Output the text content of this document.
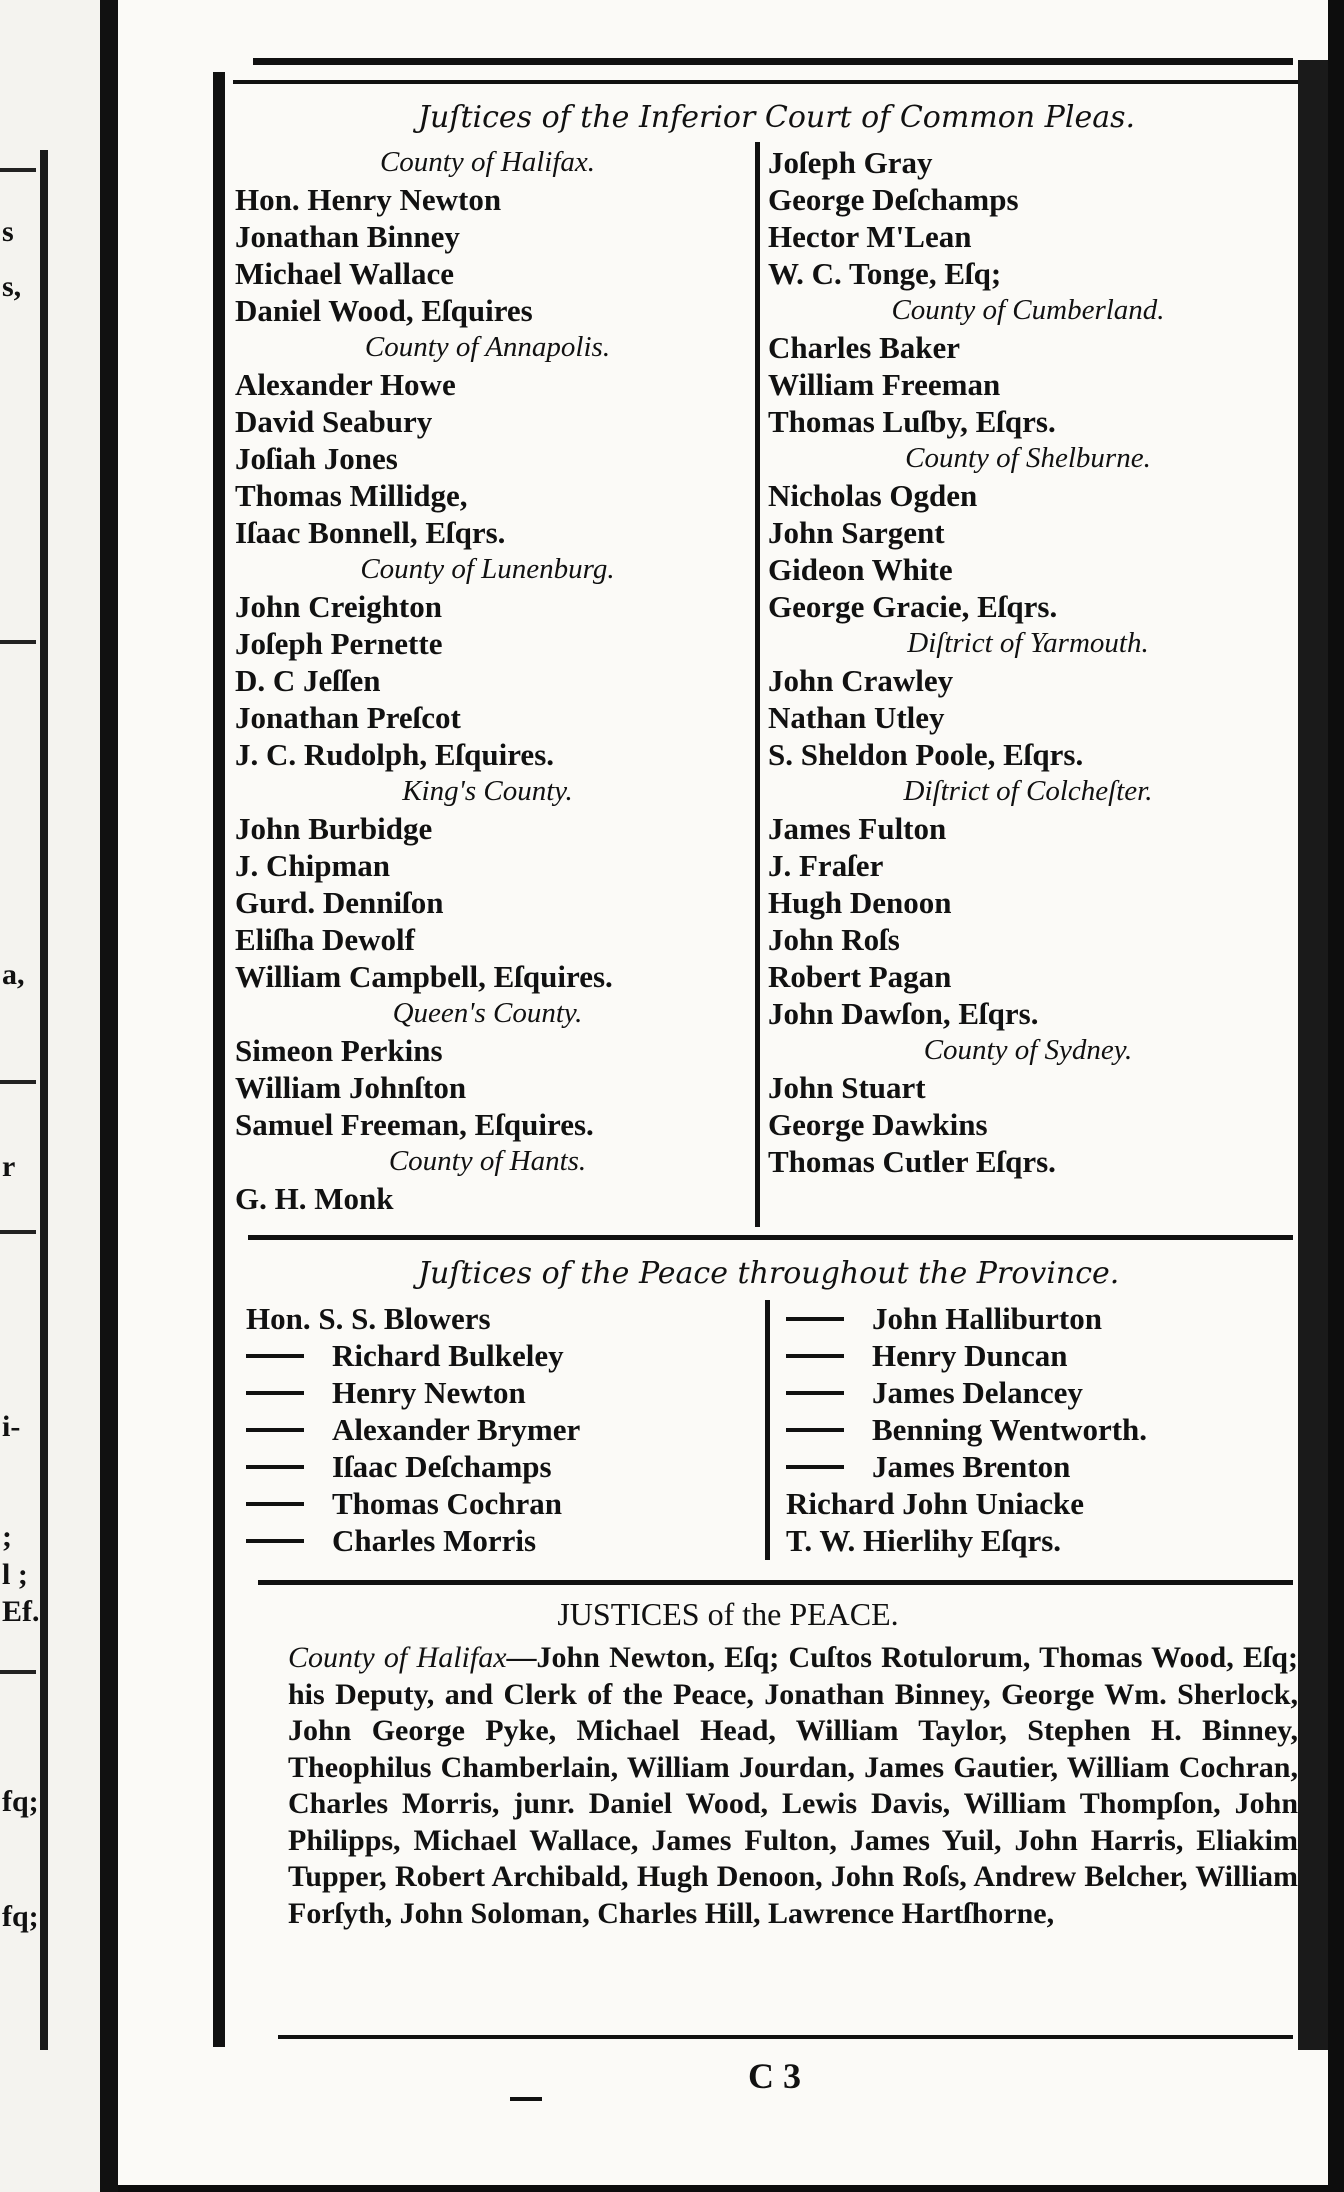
s
s,
a,
r
i-
;
l ;
Ef.
fq;
fq;
Juſtices of the Inferior Court of Common Pleas.
County of Halifax.
Hon. Henry Newton
Jonathan Binney
Michael Wallace
Daniel Wood, Eſquires
County of Annapolis.
Alexander Howe
David Seabury
Joſiah Jones
Thomas Millidge,
Iſaac Bonnell, Eſqrs.
County of Lunenburg.
John Creighton
Joſeph Pernette
D. C Jeſſen
Jonathan Preſcot
J. C. Rudolph, Eſquires.
King's County.
John Burbidge
J. Chipman
Gurd. Denniſon
Eliſha Dewolf
William Campbell, Eſquires.
Queen's County.
Simeon Perkins
William Johnſton
Samuel Freeman, Eſquires.
County of Hants.
G. H. Monk
Joſeph Gray
George Deſchamps
Hector M'Lean
W. C. Tonge, Eſq;
County of Cumberland.
Charles Baker
William Freeman
Thomas Luſby, Eſqrs.
County of Shelburne.
Nicholas Ogden
John Sargent
Gideon White
George Gracie, Eſqrs.
Diſtrict of Yarmouth.
John Crawley
Nathan Utley
S. Sheldon Poole, Eſqrs.
Diſtrict of Colcheſter.
James Fulton
J. Fraſer
Hugh Denoon
John Roſs
Robert Pagan
John Dawſon, Eſqrs.
County of Sydney.
John Stuart
George Dawkins
Thomas Cutler Eſqrs.
Juſtices of the Peace throughout the Province.
Hon. S. S. Blowers
Richard Bulkeley
Henry Newton
Alexander Brymer
Iſaac Deſchamps
Thomas Cochran
Charles Morris
John Halliburton
Henry Duncan
James Delancey
Benning Wentworth.
James Brenton
Richard John Uniacke
T. W. Hierlihy Eſqrs.
JUSTICES of the PEACE.
County of Halifax—John Newton, Eſq; Cuſtos Rotulorum, Thomas Wood, Eſq; his Deputy, and Clerk of the Peace, Jonathan Binney, George Wm. Sherlock, John George Pyke, Michael Head, William Taylor, Stephen H. Binney, Theophilus Chamberlain, William Jourdan, James Gautier, William Cochran, Charles Morris, junr. Daniel Wood, Lewis Davis, William Thompſon, John Philipps, Michael Wallace, James Fulton, James Yuil, John Harris, Eliakim Tupper, Robert Archibald, Hugh Denoon, John Roſs, Andrew Belcher, William Forſyth, John Soloman, Charles Hill, Lawrence Hartſhorne,
C 3
